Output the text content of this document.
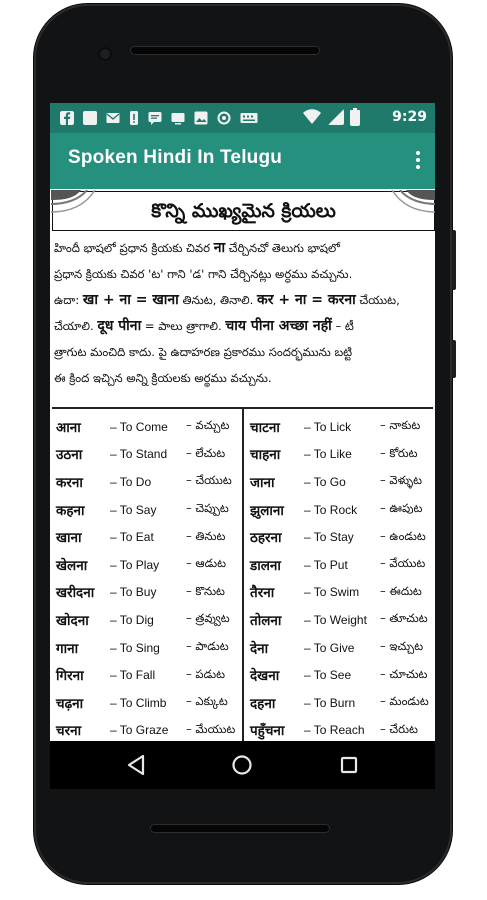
9:29
Spoken Hindi In Telugu
కొన్ని ముఖ్యమైన క్రియలు
హిందీ భాషలో ప్రధాన క్రియకు చివర ना చేర్చినచో తెలుగు భాషలో
ప్రధాన క్రియకు చివర 'ట' గాని 'డ' గాని చేర్చినట్లు అర్ధము వచ్చును.
ఉదా: खा + ना = खाना తినుట, తినాలి. कर + ना = करना చేయుట,
చేయాలి. दूध पीना = పాలు త్రాగాలి. चाय पीना अच्छा नहीं – టీ
త్రాగుట మంచిది కాదు. పై ఉదాహరణ ప్రకారము సందర్భమును బట్టి
ఈ క్రింద ఇచ్చిన అన్ని క్రియలకు అర్థము వచ్చును.
आना	– To Come	– వచ్చుట
उठना	– To Stand	– లేచుట
करना	– To Do	– చేయుట
कहना	– To Say	– చెప్పుట
खाना	– To Eat	– తినుట
खेलना	– To Play	– ఆడుట
खरीदना	– To Buy	– కొనుట
खोदना	– To Dig	– త్రవ్వుట
गाना	– To Sing	– పాడుట
गिरना	– To Fall	– పడుట
चढ़ना	– To Climb	– ఎక్కుట
चरना	– To Graze	– మేయుట
चाटना	– To Lick	– నాకుట
चाहना	– To Like	– కోరుట
जाना	– To Go	– వెళ్ళుట
झुलाना	– To Rock	– ఊపుట
ठहरना	– To Stay	– ఉండుట
डालना	– To Put	– వేయుట
तैरना	– To Swim	– ఈదుట
तोलना	– To Weight	– తూచుట
देना	– To Give	– ఇచ్చుట
देखना	– To See	– చూచుట
दहना	– To Burn	– మండుట
पहुँचना	– To Reach	– చేరుట
